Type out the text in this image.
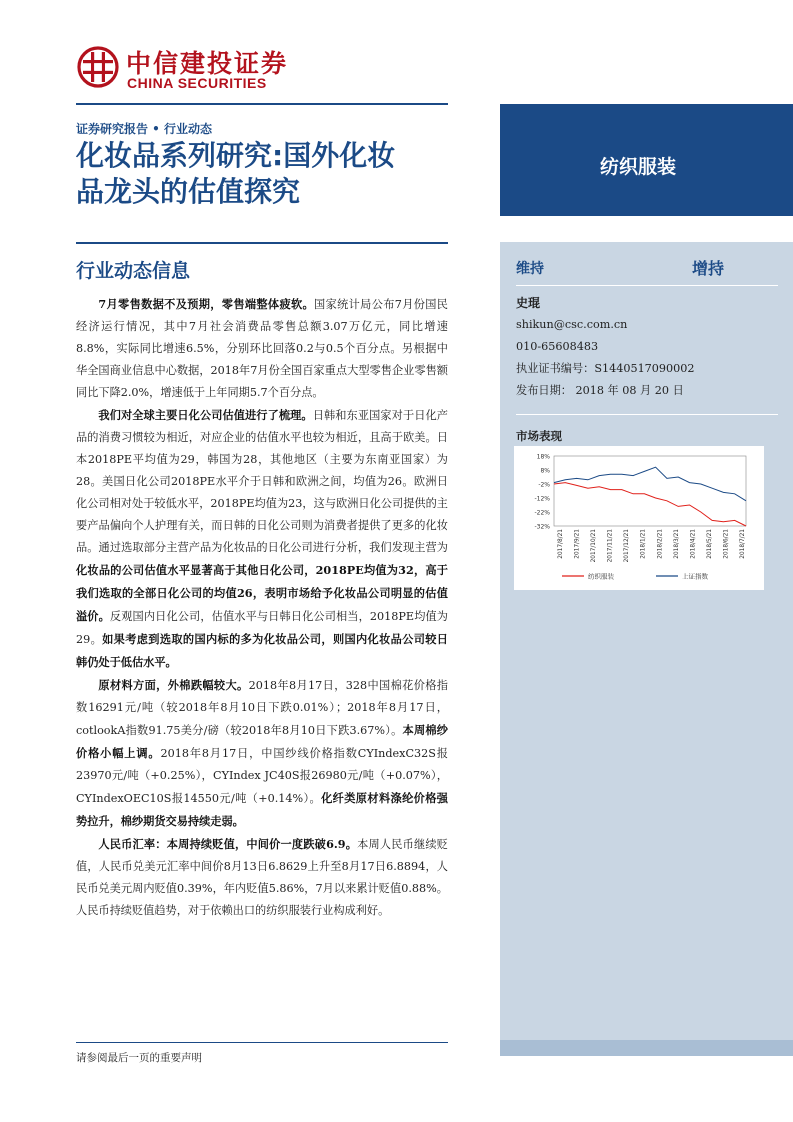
中信建投证券
CHINA SECURITIES
证券研究报告 • 行业动态
化妆品系列研究:国外化妆
品龙头的估值探究
纺织服装
行业动态信息

7月零售数据不及预期，零售端整体疲软。国家统计局公布7月份国民经济运行情况，其中7月社会消费品零售总额3.07万亿元，同比增速8.8%，实际同比增速6.5%，分别环比回落0.2与0.5个百分点。另根据中华全国商业信息中心数据，2018年7月份全国百家重点大型零售企业零售额同比下降2.0%，增速低于上年同期5.7个百分点。

我们对全球主要日化公司估值进行了梳理。日韩和东亚国家对于日化产品的消费习惯较为相近，对应企业的估值水平也较为相近，且高于欧美。日本2018PE平均值为29，韩国为28，其他地区（主要为东南亚国家）为28。美国日化公司2018PE水平介于日韩和欧洲之间，均值为26。欧洲日化公司相对处于较低水平，2018PE均值为23，这与欧洲日化公司提供的主要产品偏向个人护理有关，而日韩的日化公司则为消费者提供了更多的化妆品。通过选取部分主营产品为化妆品的日化公司进行分析，我们发现主营为化妆品的公司估值水平显著高于其他日化公司，2018PE均值为32，高于我们选取的全部日化公司的均值26，表明市场给予化妆品公司明显的估值溢价。反观国内日化公司，估值水平与日韩日化公司相当，2018PE均值为29。如果考虑到选取的国内标的多为化妆品公司，则国内化妆品公司较日韩仍处于低估水平。

原材料方面，外棉跌幅较大。2018年8月17日，328中国棉花价格指数16291元/吨（较2018年8月10日下跌0.01%）；2018年8月17日，cotlookA指数91.75美分/磅（较2018年8月10日下跌3.67%）。本周棉纱价格小幅上调。2018年8月17日，中国纱线价格指数CYIndexC32S报23970元/吨（+0.25%），CYIndex JC40S报26980元/吨（+0.07%），CYIndexOEC10S报14550元/吨（+0.14%）。化纤类原材料涤纶价格强势拉升，棉纱期货交易持续走弱。

人民币汇率：本周持续贬值，中间价一度跌破6.9。本周人民币继续贬值，人民币兑美元汇率中间价8月13日6.8629上升至8月17日6.8894，人民币兑美元周内贬值0.39%，年内贬值5.86%，7月以来累计贬值0.88%。人民币持续贬值趋势，对于依赖出口的纺织服装行业构成利好。

维持	增持
史琨
shikun@csc.com.cn
010-65608483
执业证书编号：S1440517090002
发布日期： 2018 年 08 月 20 日
市场表现
18%
8%
-2%
-12%
-22%
-32%
2017/8/21 2017/9/21 2017/10/21 2017/11/21 2017/12/21 2018/1/21 2018/2/21 2018/3/21 2018/4/21 2018/5/21 2018/6/21 2018/7/21
纺织服装	上证指数
请参阅最后一页的重要声明
